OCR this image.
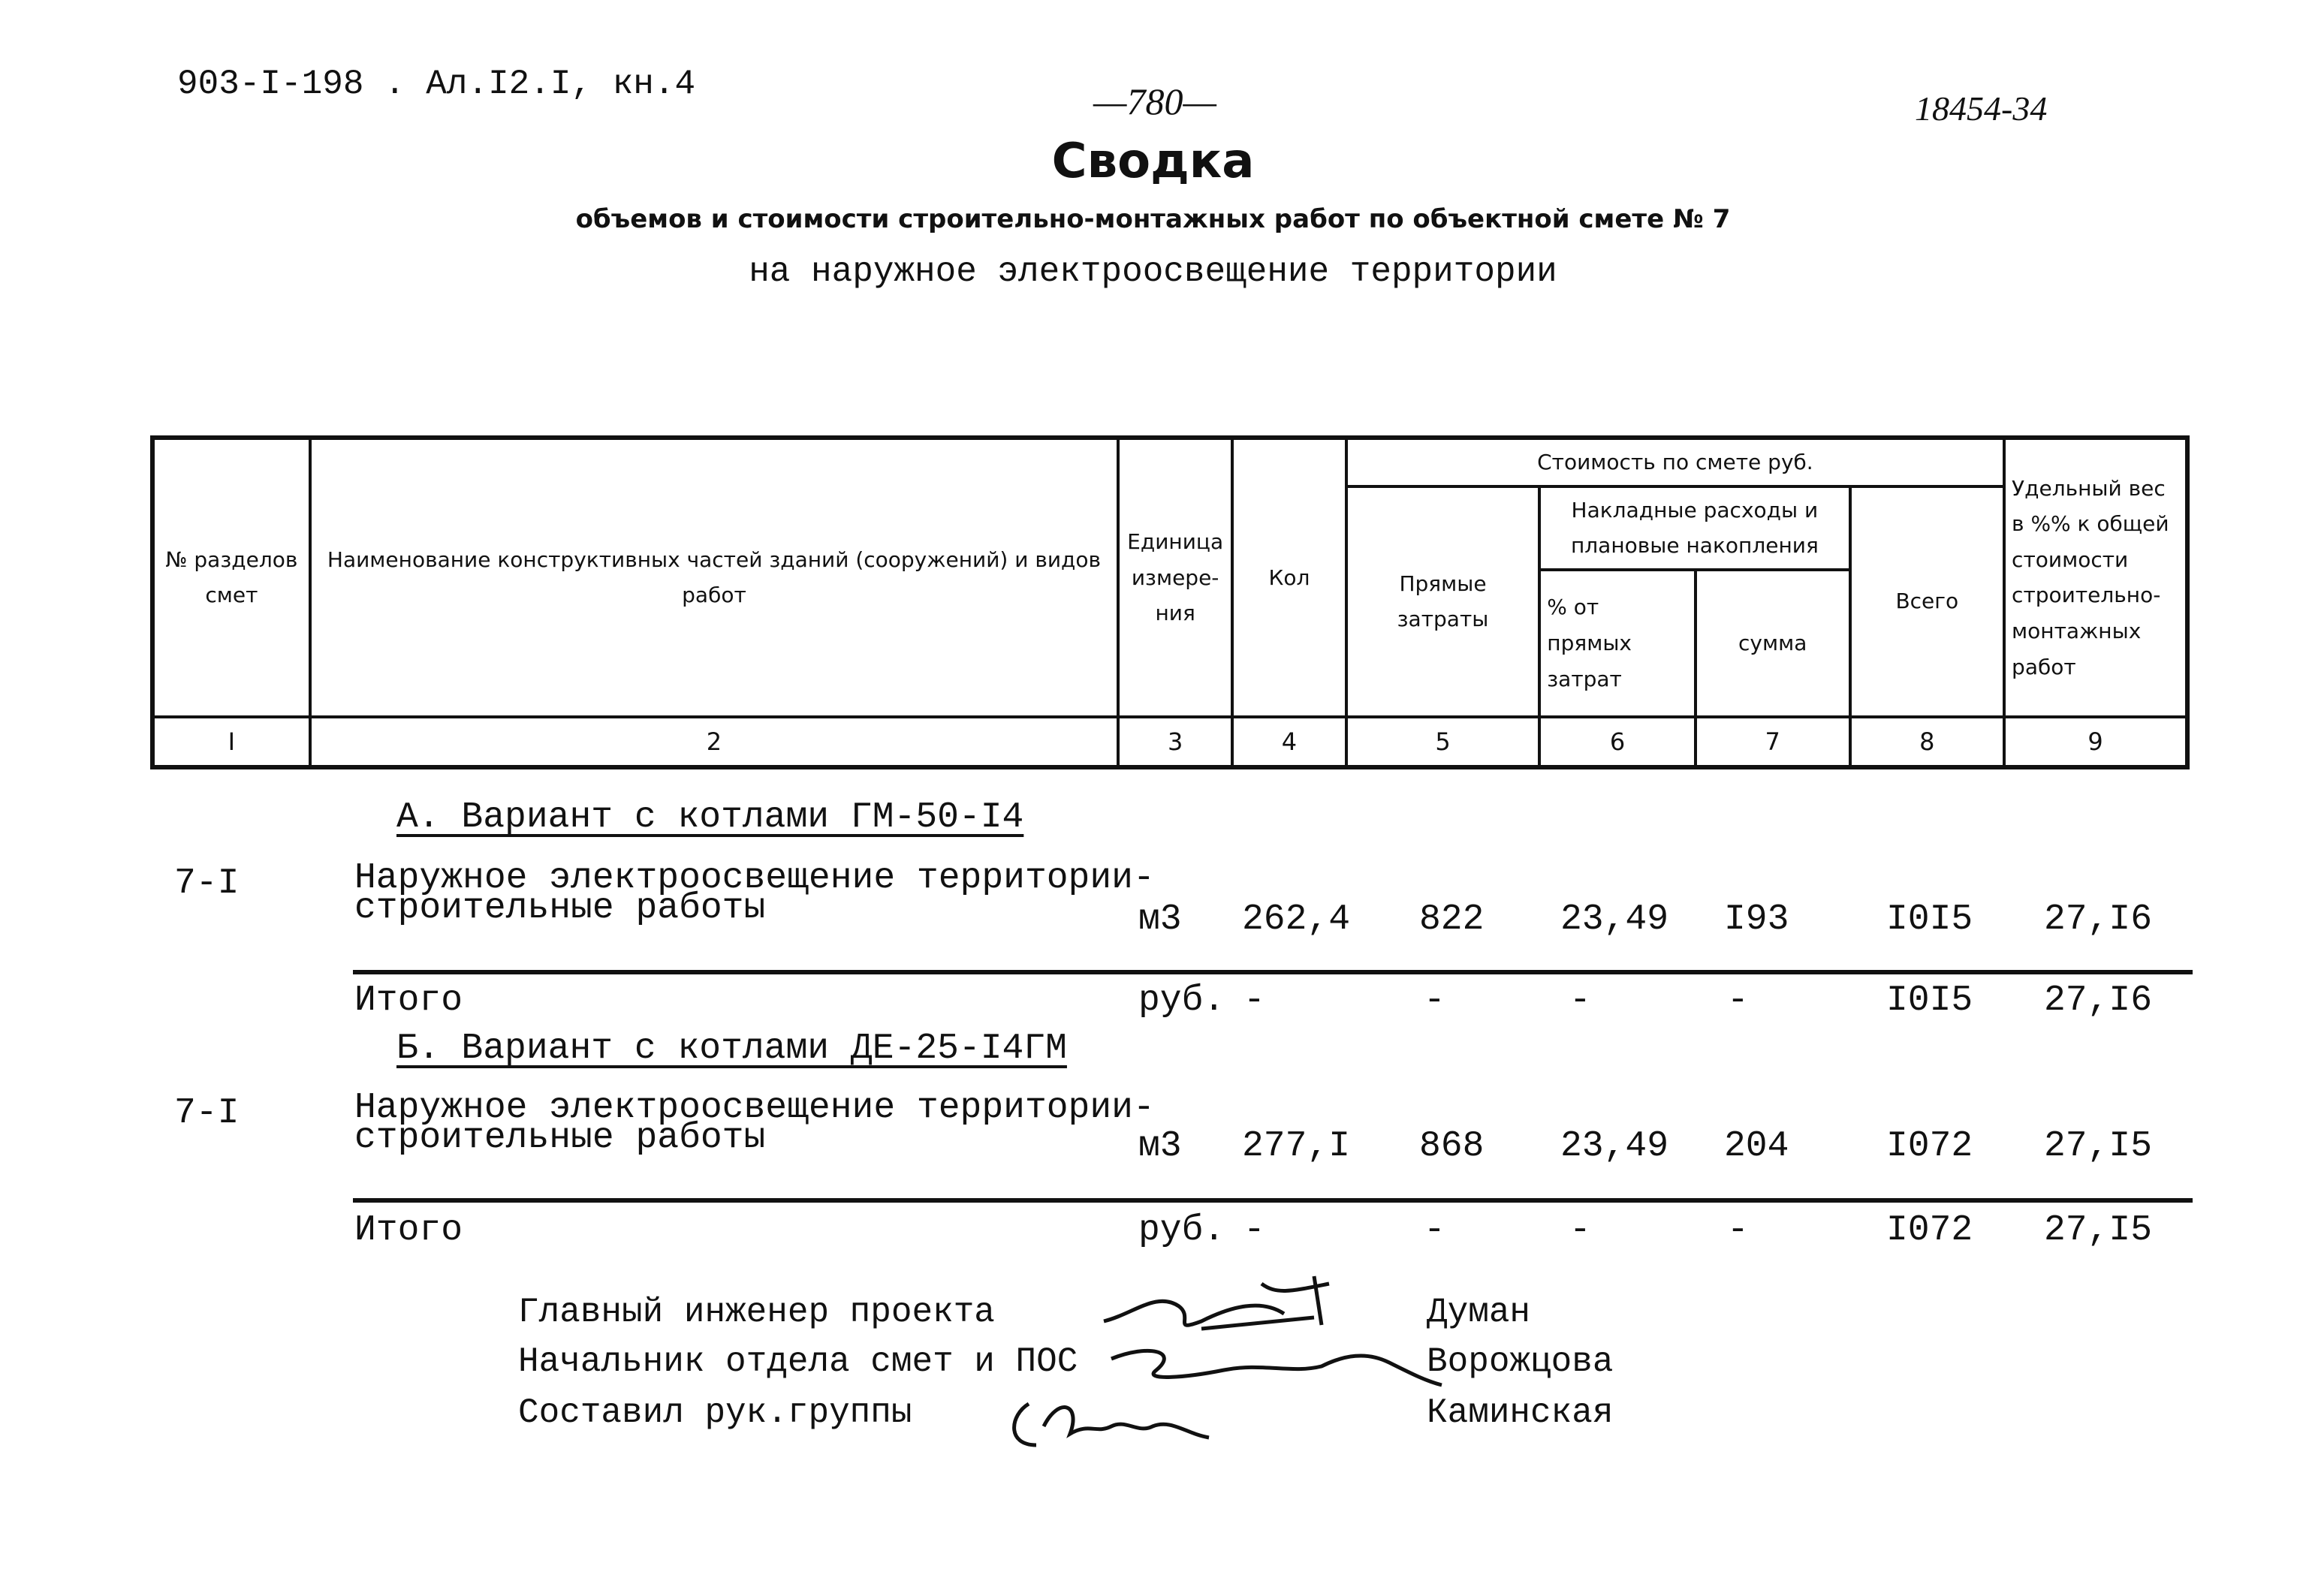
903-I-198 . Ал.I2.I, кн.4	—780—	18454-34
Сводка
объемов и стоимости строительно-монтажных работ по объектной смете № 7
на наружное электроосвещение территории
№ разделов смет	Наименование конструктивных частей зданий (сооружений) и видов работ	Единица измере-ния	Кол	Стоимость по смете руб.				Удельный вес в %% к общей стоимости строительно-монтажных работ
				Прямые затраты	Накладные расходы и плановые накопления		Всего	
					% от прямых затрат	сумма		
I	2	3	4	5	6	7	8	9
А. Вариант с котлами ГМ-50-I4
7-I	Наружное электроосвещение территории-
строительные работы	м3 262,4 822 23,49 I93	I0I5 27,I6
Итого	руб. -	-	-	-	I0I5 27,I6
Б. Вариант с котлами ДЕ-25-I4ГМ
7-I	Наружное электроосвещение территории-
строительные работы	м3 277,I 868 23,49 204	I072 27,I5
Итого	руб. -	-	-	-	I072 27,I5
Главный инженер проекта	Думан
Начальник отдела смет и ПОС	Ворожцова
Составил рук.группы	Каминская
